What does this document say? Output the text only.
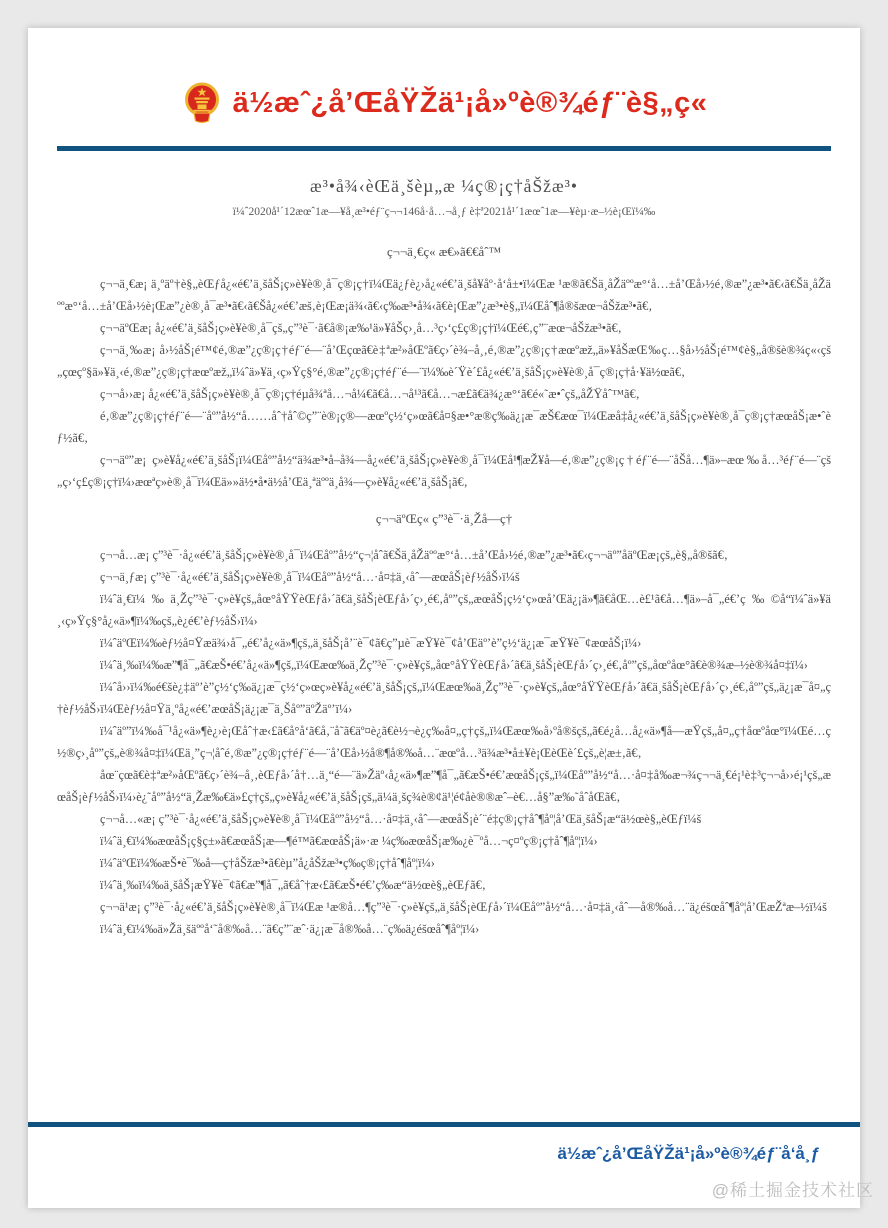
ä½æˆ¿å’ŒåŸŽä¹¡å»ºè®¾éƒ¨è§„ç«
æ³•å¾‹èŒä¸šèµ„æ ¼ç®¡ç†åŠžæ³•
ï¼ˆ2020å¹´12æœˆ1æ—¥å¸æ³•éƒ¨ç¬¬146å·å…¬å¸ƒ è‡ª2021å¹´1æœˆ1æ—¥èµ·æ–½è¡Œï¼‰
ç¬¬ä¸€ç« æ€»ã€€åˆ™

ç¬¬ä¸€æ¡ ä¸ºäº†è§„èŒƒå¿«é€’ä¸šåŠ¡ç»è¥è®¸å¯ç®¡ç†ï¼Œä¿ƒè¿›å¿«é€’ä¸šå¥åº·å‘å±•ï¼Œæ ¹æ®ã€Šä¸åŽäººæ°‘å…±å’Œå›½é‚®æ”¿æ³•ã€‹ã€Šä¸åŽäººæ°‘å…±å’Œå›½è¡Œæ”¿è®¸å¯æ³•ã€‹ã€Šå¿«é€’æš‚è¡Œæ¡ä¾‹ã€‹ç‰æ³•å¾‹ã€è¡Œæ”¿æ³•è§„ï¼Œåˆ¶å®šæœ¬åŠžæ³•ã€‚

ç¬¬äºŒæ¡ å¿«é€’ä¸šåŠ¡ç»è¥è®¸å¯çš„ç”³è¯·ã€å®¡æ‰¹ä»¥åŠç›¸å…³ç›‘ç£ç®¡ç†ï¼Œé€‚ç”¨æœ¬åŠžæ³•ã€‚

ç¬¬ä¸‰æ¡ å›½åŠ¡é™¢é‚®æ”¿ç®¡ç†éƒ¨é—¨å’Œçœã€è‡ªæ²»åŒºã€ç›´è¾–å¸‚é‚®æ”¿ç®¡ç†æœºæž„ä»¥åŠæŒ‰ç…§å›½åŠ¡é™¢è§„å®šè®¾ç«‹çš„çœçº§ä»¥ä¸‹é‚®æ”¿ç®¡ç†æœºæž„ï¼ˆä»¥ä¸‹ç»Ÿç§°é‚®æ”¿ç®¡ç†éƒ¨é—¨ï¼‰è´Ÿè´£å¿«é€’ä¸šåŠ¡ç»è¥è®¸å¯ç®¡ç†å·¥ä½œã€‚

ç¬¬å››æ¡ å¿«é€’ä¸šåŠ¡ç»è¥è®¸å¯ç®¡ç†éµå¾ªå…¬å¼€ã€å…¬å¹³ã€å…¬æ£ã€ä¾¿æ°‘ã€é«˜æ•ˆçš„åŽŸåˆ™ã€‚

é‚®æ”¿ç®¡ç†éƒ¨é—¨åº”å½“å……åˆ†åˆ©ç”¨è®¡ç®—æœºç½‘ç»œã€å¤§æ•°æ®ç‰ä¿¡æ¯æŠ€æœ¯ï¼Œæå‡å¿«é€’ä¸šåŠ¡ç»è¥è®¸å¯ç®¡ç†æœåŠ¡æ•ˆèƒ½ã€‚

ç¬¬äº”æ¡ ç»è¥å¿«é€’ä¸šåŠ¡ï¼Œåº”å½“ä¾æ³•å–å¾—å¿«é€’ä¸šåŠ¡ç»è¥è®¸å¯ï¼Œå¹¶æŽ¥å—é‚®æ”¿ç®¡ç†éƒ¨é—¨åŠå…¶ä»–æœ‰å…³éƒ¨é—¨çš„ç›‘ç£ç®¡ç†ï¼›æœªç»è®¸å¯ï¼Œä»»ä½•å•ä½å’Œä¸ªäººä¸å¾—ç»è¥å¿«é€’ä¸šåŠ¡ã€‚

ç¬¬äºŒç« ç”³è¯·ä¸Žå—ç†

ç¬¬å…æ¡ ç”³è¯·å¿«é€’ä¸šåŠ¡ç»è¥è®¸å¯ï¼Œåº”å½“ç¬¦åˆã€Šä¸åŽäººæ°‘å…±å’Œå›½é‚®æ”¿æ³•ã€‹ç¬¬äº”åäºŒæ¡çš„è§„å®šã€‚

ç¬¬ä¸ƒæ¡ ç”³è¯·å¿«é€’ä¸šåŠ¡ç»è¥è®¸å¯ï¼Œåº”å½“å…·å¤‡ä¸‹åˆ—æœåŠ¡èƒ½åŠ›ï¼š

ï¼ˆä¸€ï¼‰ä¸Žç”³è¯·ç»è¥çš„åœ°åŸŸèŒƒå›´ã€ä¸šåŠ¡èŒƒå›´ç›¸é€‚åº”çš„æœåŠ¡ç½‘ç»œå’Œä¿¡ä»¶ã€åŒ…è£¹ã€å…¶ä»–å¯„é€’ç‰©å“ï¼ˆä»¥ä¸‹ç»Ÿç§°å¿«ä»¶ï¼‰çš„è¿é€’èƒ½åŠ›ï¼›

ï¼ˆäºŒï¼‰èƒ½å¤Ÿæä¾›å¯„é€’å¿«ä»¶çš„ä¸šåŠ¡å’¨è¯¢ã€ç”µè¯æŸ¥è¯¢å’Œäº’è”ç½‘ä¿¡æ¯æŸ¥è¯¢æœåŠ¡ï¼›

ï¼ˆä¸‰ï¼‰æ”¶å¯„ã€æŠ•é€’å¿«ä»¶çš„ï¼Œæœ‰ä¸Žç”³è¯·ç»è¥çš„åœ°åŸŸèŒƒå›´ã€ä¸šåŠ¡èŒƒå›´ç›¸é€‚åº”çš„åœºåœ°ã€è®¾æ–½è®¾å¤‡ï¼›

ï¼ˆå››ï¼‰é€šè¿‡äº’è”ç½‘ç‰ä¿¡æ¯ç½‘ç»œç»è¥å¿«é€’ä¸šåŠ¡çš„ï¼Œæœ‰ä¸Žç”³è¯·ç»è¥çš„åœ°åŸŸèŒƒå›´ã€ä¸šåŠ¡èŒƒå›´ç›¸é€‚åº”çš„ä¿¡æ¯å¤„ç†èƒ½åŠ›ï¼Œèƒ½å¤Ÿä¸ºå¿«é€’æœåŠ¡ä¿¡æ¯ä¸Šåº”äºŽäº’ï¼›

ï¼ˆäº”ï¼‰å¯¹å¿«ä»¶è¿›è¡Œåˆ†æ‹£ã€å°å‘ã€å‚¨å˜ã€äº¤è¿ã€è½¬è¿ç‰å¤„ç†çš„ï¼Œæœ‰å›ºå®šçš„ã€é¿å…å¿«ä»¶å—æŸçš„å¤„ç†åœºåœ°ï¼Œé…ç½®ç›¸åº”çš„è®¾å¤‡ï¼Œä¸”ç¬¦åˆé‚®æ”¿ç®¡ç†éƒ¨é—¨å’Œå›½å®¶å®‰å…¨æœºå…³ä¾æ³•å±¥è¡ŒèŒè´£çš„è¦æ±‚ã€‚

åœ¨çœã€è‡ªæ²»åŒºã€ç›´è¾–å¸‚èŒƒå›´å†…ä¸“é—¨ä»Žäº‹å¿«ä»¶æ”¶å¯„ã€æŠ•é€’æœåŠ¡çš„ï¼Œåº”å½“å…·å¤‡å‰æ¬¾ç¬¬ä¸€é¡¹è‡³ç¬¬å››é¡¹çš„æœåŠ¡èƒ½åŠ›ï¼›è¿˜åº”å½“ä¸Žæ‰€ä»£ç†çš„ç»è¥å¿«é€’ä¸šåŠ¡çš„ä¼ä¸šç¾è®¢ä¹¦é¢åè®®æˆ–è€…å§”æ‰˜åˆåŒã€‚

ç¬¬å…«æ¡ ç”³è¯·å¿«é€’ä¸šåŠ¡ç»è¥è®¸å¯ï¼Œåº”å½“å…·å¤‡ä¸‹åˆ—æœåŠ¡è´¨é‡ç®¡ç†åˆ¶åº¦å’Œä¸šåŠ¡æ“ä½œè§„èŒƒï¼š

ï¼ˆä¸€ï¼‰æœåŠ¡ç§ç±»ã€æœåŠ¡æ—¶é™ã€æœåŠ¡ä»·æ ¼ç‰æœåŠ¡æ‰¿è¯ºå…¬ç¤ºç®¡ç†åˆ¶åº¦ï¼›

ï¼ˆäºŒï¼‰æŠ•è¯‰å—ç†åŠžæ³•ã€èµ”å¿åŠžæ³•ç‰ç®¡ç†åˆ¶åº¦ï¼›

ï¼ˆä¸‰ï¼‰ä¸šåŠ¡æŸ¥è¯¢ã€æ”¶å¯„ã€åˆ†æ‹£ã€æŠ•é€’ç‰æ“ä½œè§„èŒƒã€‚

ç¬¬ä¹æ¡ ç”³è¯·å¿«é€’ä¸šåŠ¡ç»è¥è®¸å¯ï¼Œæ ¹æ®å…¶ç”³è¯·ç»è¥çš„ä¸šåŠ¡èŒƒå›´ï¼Œåº”å½“å…·å¤‡ä¸‹åˆ—å®‰å…¨ä¿éšœåˆ¶åº¦å’ŒæŽªæ–½ï¼š

ï¼ˆä¸€ï¼‰ä»Žä¸šäººå‘˜å®‰å…¨ã€ç”¨æˆ·ä¿¡æ¯å®‰å…¨ç‰ä¿éšœåˆ¶åº¦ï¼›

ä½æˆ¿å’ŒåŸŽä¹¡å»ºè®¾éƒ¨å‘å¸ƒ
@稀土掘金技术社区
